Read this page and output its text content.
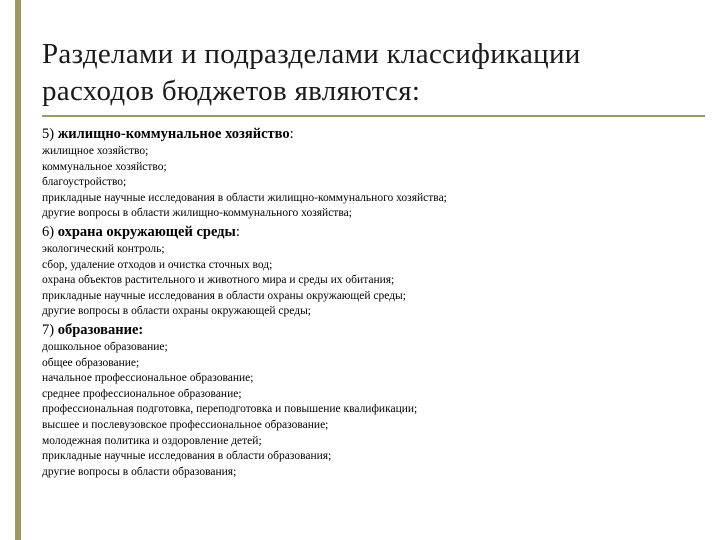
Разделами и подразделами классификации
расходов бюджетов являются:
5) жилищно-коммунальное хозяйство:
жилищное хозяйство;
коммунальное хозяйство;
благоустройство;
прикладные научные исследования в области жилищно-коммунального хозяйства;
другие вопросы в области жилищно-коммунального хозяйства;
6) охрана окружающей среды:
экологический контроль;
сбор, удаление отходов и очистка сточных вод;
охрана объектов растительного и животного мира и среды их обитания;
прикладные научные исследования в области охраны окружающей среды;
другие вопросы в области охраны окружающей среды;
7) образование:
дошкольное образование;
общее образование;
начальное профессиональное образование;
среднее профессиональное образование;
профессиональная подготовка, переподготовка и повышение квалификации;
высшее и послевузовское профессиональное образование;
молодежная политика и оздоровление детей;
прикладные научные исследования в области образования;
другие вопросы в области образования;
